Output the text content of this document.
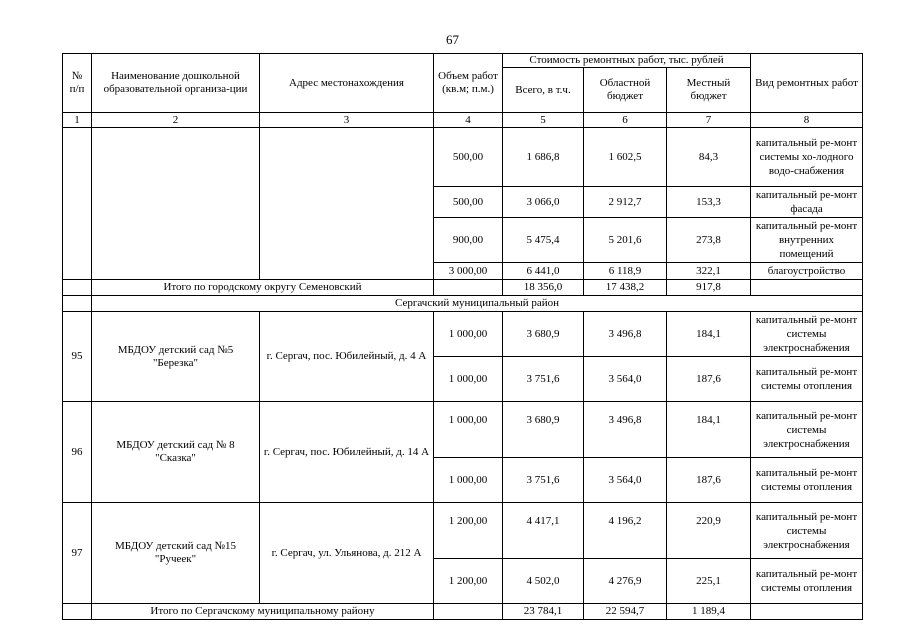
67
№ п/п	Наименование дошкольной образовательной организа-ции	Адрес местонахождения	Объем работ (кв.м; п.м.)	Стоимость ремонтных работ, тыс. рублей			Вид ремонтных работ
				Всего, в т.ч.	Областной бюджет	Местный бюджет	
1	2	3	4	5	6	7	8
			500,00	1 686,8	1 602,5	84,3	капитальный ре-монт системы хо-лодного водо-снабжения
			500,00	3 066,0	2 912,7	153,3	капитальный ре-монт фасада
			900,00	5 475,4	5 201,6	273,8	капитальный ре-монт внутренних помещений
			3 000,00	6 441,0	6 118,9	322,1	благоустройство
	Итого по городскому округу Семеновский			18 356,0	17 438,2	917,8	
	Сергачский муниципальный район						
95	МБДОУ детский сад №5 "Березка"	г. Сергач, пос. Юбилейный, д. 4 А	1 000,00	3 680,9	3 496,8	184,1	капитальный ре-монт системы электроснабжения
			1 000,00	3 751,6	3 564,0	187,6	капитальный ре-монт системы отопления
96	МБДОУ детский сад № 8 "Сказка"	г. Сергач, пос. Юбилейный, д. 14 А	1 000,00	3 680,9	3 496,8	184,1	капитальный ре-монт системы электроснабжения
			1 000,00	3 751,6	3 564,0	187,6	капитальный ре-монт системы отопления
97	МБДОУ детский сад №15 "Ручеек"	г. Сергач, ул. Ульянова, д. 212 А	1 200,00	4 417,1	4 196,2	220,9	капитальный ре-монт системы электроснабжения
			1 200,00	4 502,0	4 276,9	225,1	капитальный ре-монт системы отопления
	Итого по Сергачскому муниципальному району			23 784,1	22 594,7	1 189,4	
